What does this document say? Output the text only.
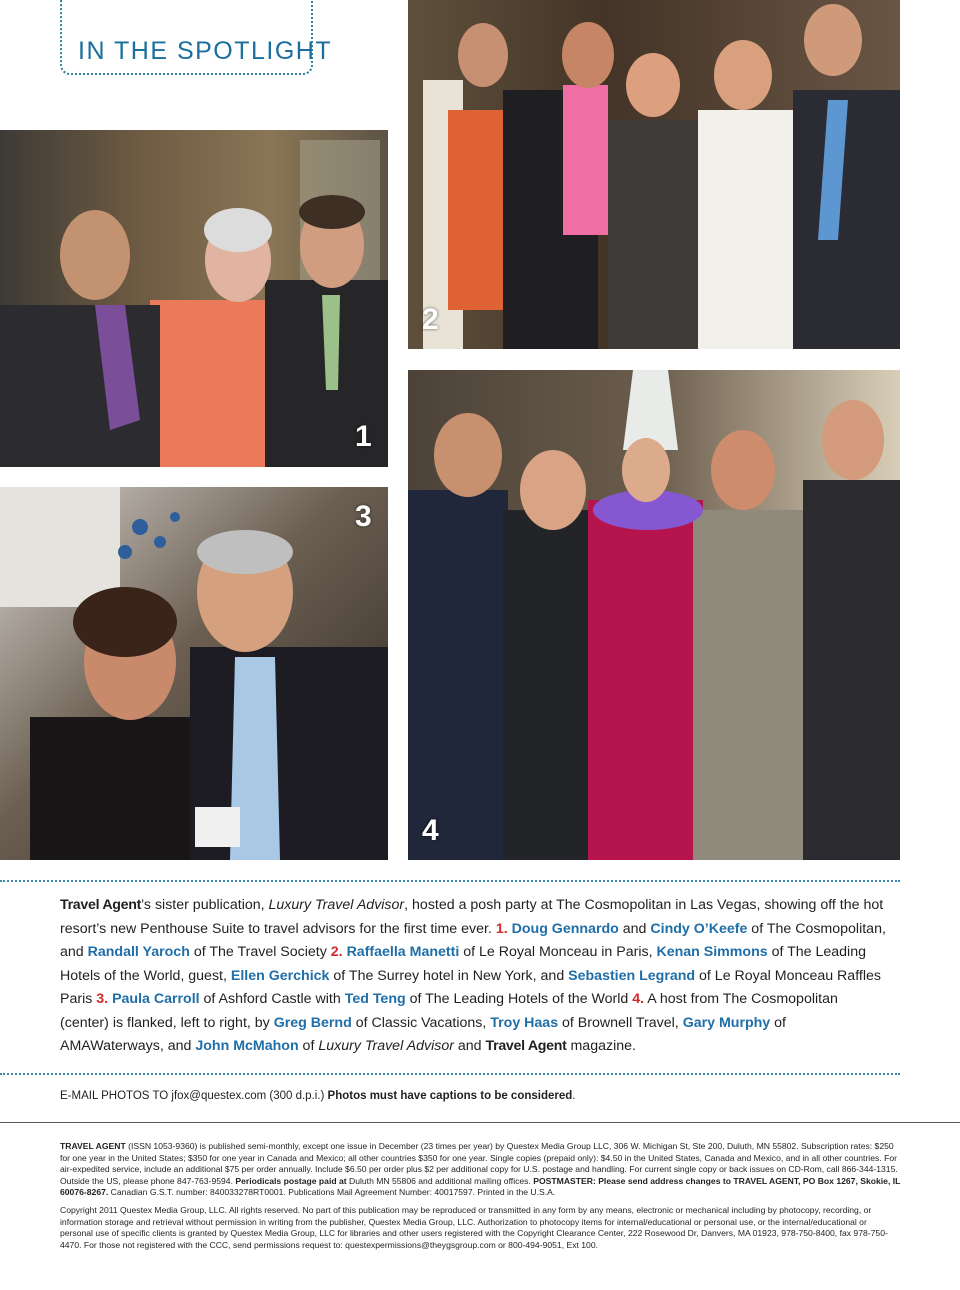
IN THE SPOTLIGHT
1
2
3
4
Travel Agent’s sister publication, Luxury Travel Advisor, hosted a posh party at The Cosmopolitan in Las Vegas, showing off the hot resort’s new Penthouse Suite to travel advisors for the first time ever. 1. Doug Gennardo and Cindy O’Keefe of The Cosmopolitan, and Randall Yaroch of The Travel Society 2. Raffaella Manetti of Le Royal Monceau in Paris, Kenan Simmons of The Leading Hotels of the World, guest, Ellen Gerchick of The Surrey hotel in New York, and Sebastien Legrand of Le Royal Monceau Raffles Paris 3. Paula Carroll of Ashford Castle with Ted Teng of The Leading Hotels of the World 4. A host from The Cosmopolitan (center) is flanked, left to right, by Greg Bernd of Classic Vacations, Troy Haas of Brownell Travel, Gary Murphy of AMAWaterways, and John McMahon of Luxury Travel Advisor and Travel Agent magazine.
E-MAIL PHOTOS TO jfox@questex.com (300 d.p.i.) Photos must have captions to be considered.

TRAVEL AGENT (ISSN 1053-9360) is published semi-monthly, except one issue in December (23 times per year) by Questex Media Group LLC, 306 W. Michigan St, Ste 200, Duluth, MN 55802. Subscription rates: $250 for one year in the United States; $350 for one year in Canada and Mexico; all other countries $350 for one year. Single copies (prepaid only): $4.50 in the United States, Canada and Mexico, and in all other countries. For air-expedited service, include an additional $75 per order annually. Include $6.50 per order plus $2 per additional copy for U.S. postage and handling. For current single copy or back issues on CD-Rom, call 866-344-1315. Outside the US, please phone 847-763-9594. Periodicals postage paid at Duluth MN 55806 and additional mailing offices. POSTMASTER: Please send address changes to TRAVEL AGENT, PO Box 1267, Skokie, IL 60076-8267. Canadian G.S.T. number: 840033278RT0001. Publications Mail Agreement Number: 40017597. Printed in the U.S.A.

Copyright 2011 Questex Media Group, LLC. All rights reserved. No part of this publication may be reproduced or transmitted in any form by any means, electronic or mechanical including by photocopy, recording, or information storage and retrieval without permission in writing from the publisher, Questex Media Group, LLC. Authorization to photocopy items for internal/educational or personal use, or the internal/educational or personal use of specific clients is granted by Questex Media Group, LLC for libraries and other users registered with the Copyright Clearance Center, 222 Rosewood Dr, Danvers, MA 01923, 978-750-8400, fax 978-750-4470. For those not registered with the CCC, send permissions request to: questexpermissions@theygsgroup.com or 800-494-9051, Ext 100.
